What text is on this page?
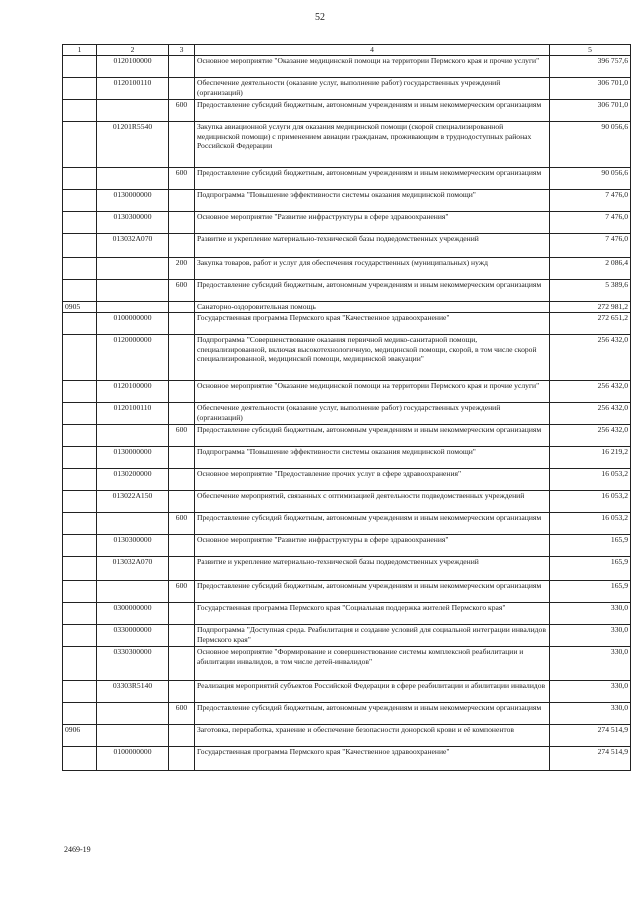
52
1	2	3	4	5
	0120100000		Основное мероприятие "Оказание медицинской помощи на территории Пермского края и прочие услуги"	396 757,6
	0120100110		Обеспечение деятельности (оказание услуг, выполнение работ) государственных учреждений (организаций)	306 701,0
		600	Предоставление субсидий бюджетным, автономным учреждениям и иным некоммерческим организациям	306 701,0
	01201R5540		Закупка авиационной услуги для оказания медицинской помощи (скорой специализированной медицинской помощи) с применением авиации гражданам, проживающим в труднодоступных районах Российской Федерации	90 056,6
		600	Предоставление субсидий бюджетным, автономным учреждениям и иным некоммерческим организациям	90 056,6
	0130000000		Подпрограмма "Повышение эффективности системы оказания медицинской помощи"	7 476,0
	0130300000		Основное мероприятие "Развитие инфраструктуры в сфере здравоохранения"	7 476,0
	013032А070		Развитие и укрепление материально-технической базы подведомственных учреждений	7 476,0
		200	Закупка товаров, работ и услуг для обеспечения государственных (муниципальных) нужд	2 086,4
		600	Предоставление субсидий бюджетным, автономным учреждениям и иным некоммерческим организациям	5 389,6
0905			Санаторно-оздоровительная помощь	272 981,2
	0100000000		Государственная программа Пермского края "Качественное здравоохранение"	272 651,2
	0120000000		Подпрограмма "Совершенствование оказания первичной медико-санитарной помощи, специализированной, включая высокотехнологичную, медицинской помощи, скорой, в том числе скорой специализированной, медицинской помощи, медицинской эвакуации"	256 432,0
	0120100000		Основное мероприятие "Оказание медицинской помощи на территории Пермского края и прочие услуги"	256 432,0
	0120100110		Обеспечение деятельности (оказание услуг, выполнение работ) государственных учреждений (организаций)	256 432,0
		600	Предоставление субсидий бюджетным, автономным учреждениям и иным некоммерческим организациям	256 432,0
	0130000000		Подпрограмма "Повышение эффективности системы оказания медицинской помощи"	16 219,2
	0130200000		Основное мероприятие "Предоставление прочих услуг в сфере здравоохранения"	16 053,2
	013022А150		Обеспечение мероприятий, связанных с оптимизацией деятельности подведомственных учреждений	16 053,2
		600	Предоставление субсидий бюджетным, автономным учреждениям и иным некоммерческим организациям	16 053,2
	0130300000		Основное мероприятие "Развитие инфраструктуры в сфере здравоохранения"	165,9
	013032А070		Развитие и укрепление материально-технической базы подведомственных учреждений	165,9
		600	Предоставление субсидий бюджетным, автономным учреждениям и иным некоммерческим организациям	165,9
	0300000000		Государственная программа Пермского края "Социальная поддержка жителей Пермского края"	330,0
	0330000000		Подпрограмма "Доступная среда. Реабилитация и создание условий для социальной интеграции инвалидов Пермского края"	330,0
	0330300000		Основное мероприятие "Формирование и совершенствование системы комплексной реабилитации и абилитации инвалидов, в том числе детей-инвалидов"	330,0
	03303R5140		Реализация мероприятий субъектов Российской Федерации в сфере реабилитации и абилитации инвалидов	330,0
		600	Предоставление субсидий бюджетным, автономным учреждениям и иным некоммерческим организациям	330,0
0906			Заготовка, переработка, хранение и обеспечение безопасности донорской крови и её компонентов	274 514,9
	0100000000		Государственная программа Пермского края "Качественное здравоохранение"	274 514,9
2469-19
